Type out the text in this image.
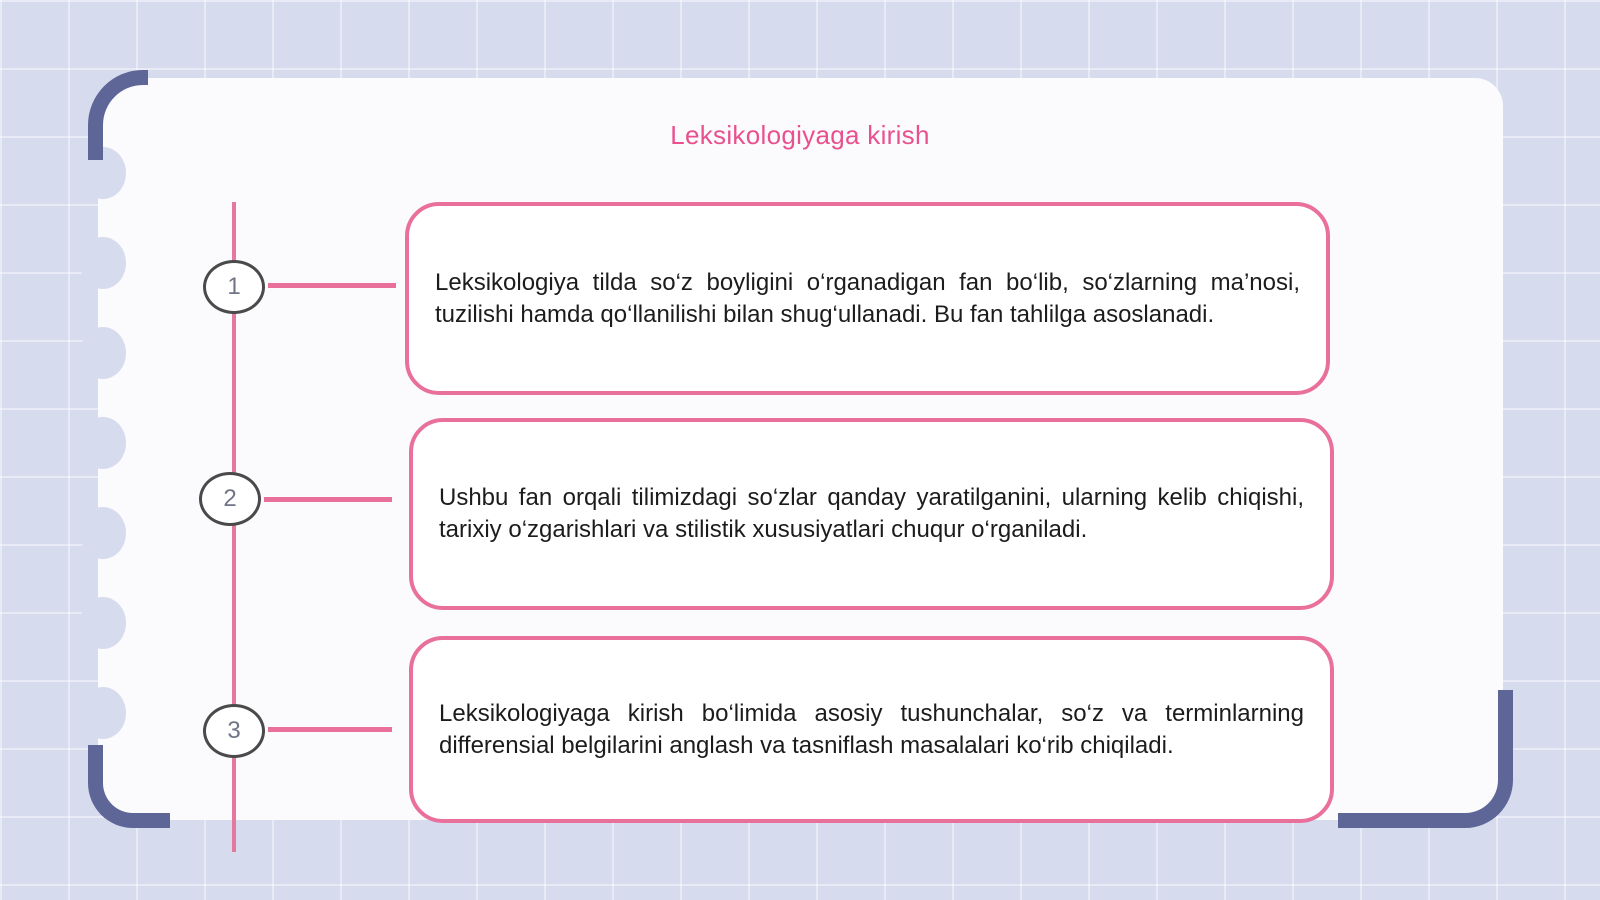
Leksikologiyaga kirish
1	Leksikologiya tilda so‘z boyligini o‘rganadigan fan bo‘lib, so‘zlarning ma’nosi, tuzilishi hamda qo‘llanilishi bilan shug‘ullanadi. Bu fan tahlilga asoslanadi.

2	Ushbu fan orqali tilimizdagi so‘zlar qanday yaratilganini, ularning kelib chiqishi, tarixiy o‘zgarishlari va stilistik xususiyatlari chuqur o‘rganiladi.

3

Leksikologiyaga kirish bo‘limida asosiy tushunchalar, so‘z va terminlarning differensial belgilarini anglash va tasniflash masalalari ko‘rib chiqiladi.
